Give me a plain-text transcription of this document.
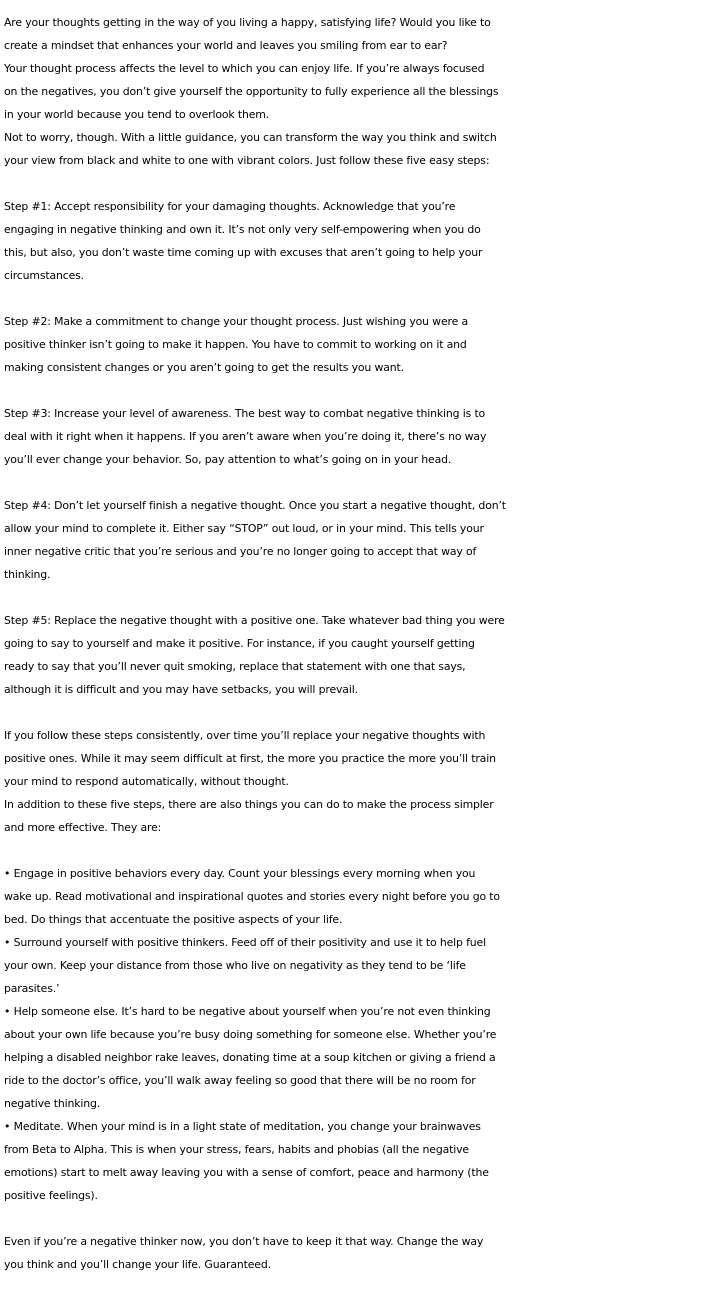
Are your thoughts getting in the way of you living a happy, satisfying life? Would you like to

create a mindset that enhances your world and leaves you smiling from ear to ear?

Your thought process affects the level to which you can enjoy life. If you’re always focused

on the negatives, you don’t give yourself the opportunity to fully experience all the blessings

in your world because you tend to overlook them.

Not to worry, though. With a little guidance, you can transform the way you think and switch

your view from black and white to one with vibrant colors. Just follow these five easy steps:

Step #1: Accept responsibility for your damaging thoughts. Acknowledge that you’re

engaging in negative thinking and own it. It’s not only very self-empowering when you do

this, but also, you don’t waste time coming up with excuses that aren’t going to help your

circumstances.

Step #2: Make a commitment to change your thought process. Just wishing you were a

positive thinker isn’t going to make it happen. You have to commit to working on it and

making consistent changes or you aren’t going to get the results you want.

Step #3: Increase your level of awareness. The best way to combat negative thinking is to

deal with it right when it happens. If you aren’t aware when you’re doing it, there’s no way

you’ll ever change your behavior. So, pay attention to what’s going on in your head.

Step #4: Don’t let yourself finish a negative thought. Once you start a negative thought, don’t

allow your mind to complete it. Either say “STOP” out loud, or in your mind. This tells your

inner negative critic that you’re serious and you’re no longer going to accept that way of

thinking.

Step #5: Replace the negative thought with a positive one. Take whatever bad thing you were

going to say to yourself and make it positive. For instance, if you caught yourself getting

ready to say that you’ll never quit smoking, replace that statement with one that says,

although it is difficult and you may have setbacks, you will prevail.

If you follow these steps consistently, over time you’ll replace your negative thoughts with

positive ones. While it may seem difficult at first, the more you practice the more you’ll train

your mind to respond automatically, without thought.

In addition to these five steps, there are also things you can do to make the process simpler

and more effective. They are:

• Engage in positive behaviors every day. Count your blessings every morning when you

wake up. Read motivational and inspirational quotes and stories every night before you go to

bed. Do things that accentuate the positive aspects of your life.

• Surround yourself with positive thinkers. Feed off of their positivity and use it to help fuel

your own. Keep your distance from those who live on negativity as they tend to be ‘life

parasites.’

• Help someone else. It’s hard to be negative about yourself when you’re not even thinking

about your own life because you’re busy doing something for someone else. Whether you’re

helping a disabled neighbor rake leaves, donating time at a soup kitchen or giving a friend a

ride to the doctor’s office, you’ll walk away feeling so good that there will be no room for

negative thinking.

• Meditate. When your mind is in a light state of meditation, you change your brainwaves

from Beta to Alpha. This is when your stress, fears, habits and phobias (all the negative

emotions) start to melt away leaving you with a sense of comfort, peace and harmony (the

positive feelings).

Even if you’re a negative thinker now, you don’t have to keep it that way. Change the way

you think and you’ll change your life. Guaranteed.
